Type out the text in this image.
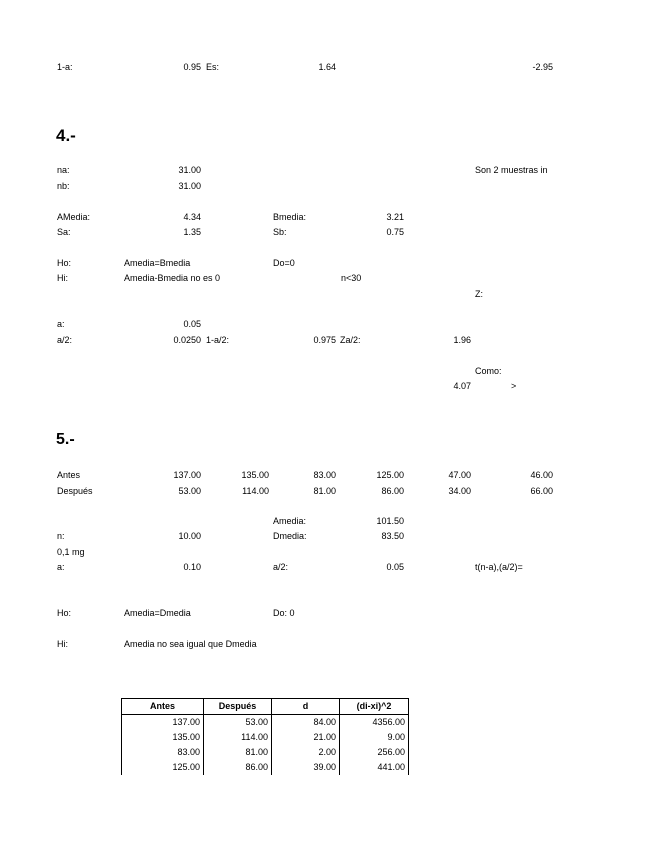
1-a:	0.95 Es:	1.64	-2.95
4.-
na:	31.00	Son 2 muestras in
nb:	31.00
AMedia:	4.34	Bmedia:	3.21
Sa:	1.35	Sb:	0.75
Ho:	Amedia=Bmedia	Do=0
Hi:	Amedia-Bmedia no es 0	n<30
Z:
a:	0.05
a/2:	0.0250 1-a/2:	0.975 Za/2:	1.96
Como:
4.07	>
5.-
Antes	137.00	135.00	83.00	125.00	47.00	46.00
Después	53.00	114.00	81.00	86.00	34.00	66.00
Amedia:	101.50
n:	10.00	Dmedia:	83.50
0,1 mg
a:	0.10	a/2:	0.05	t(n-a),(a/2)=
Ho:	Amedia=Dmedia	Do: 0
Hi:	Amedia no sea igual que Dmedia
Antes	Después	d	(di-xi)^2
137.00	53.00	84.00	4356.00
135.00	114.00	21.00	9.00
83.00	81.00	2.00	256.00
125.00	86.00	39.00	441.00
